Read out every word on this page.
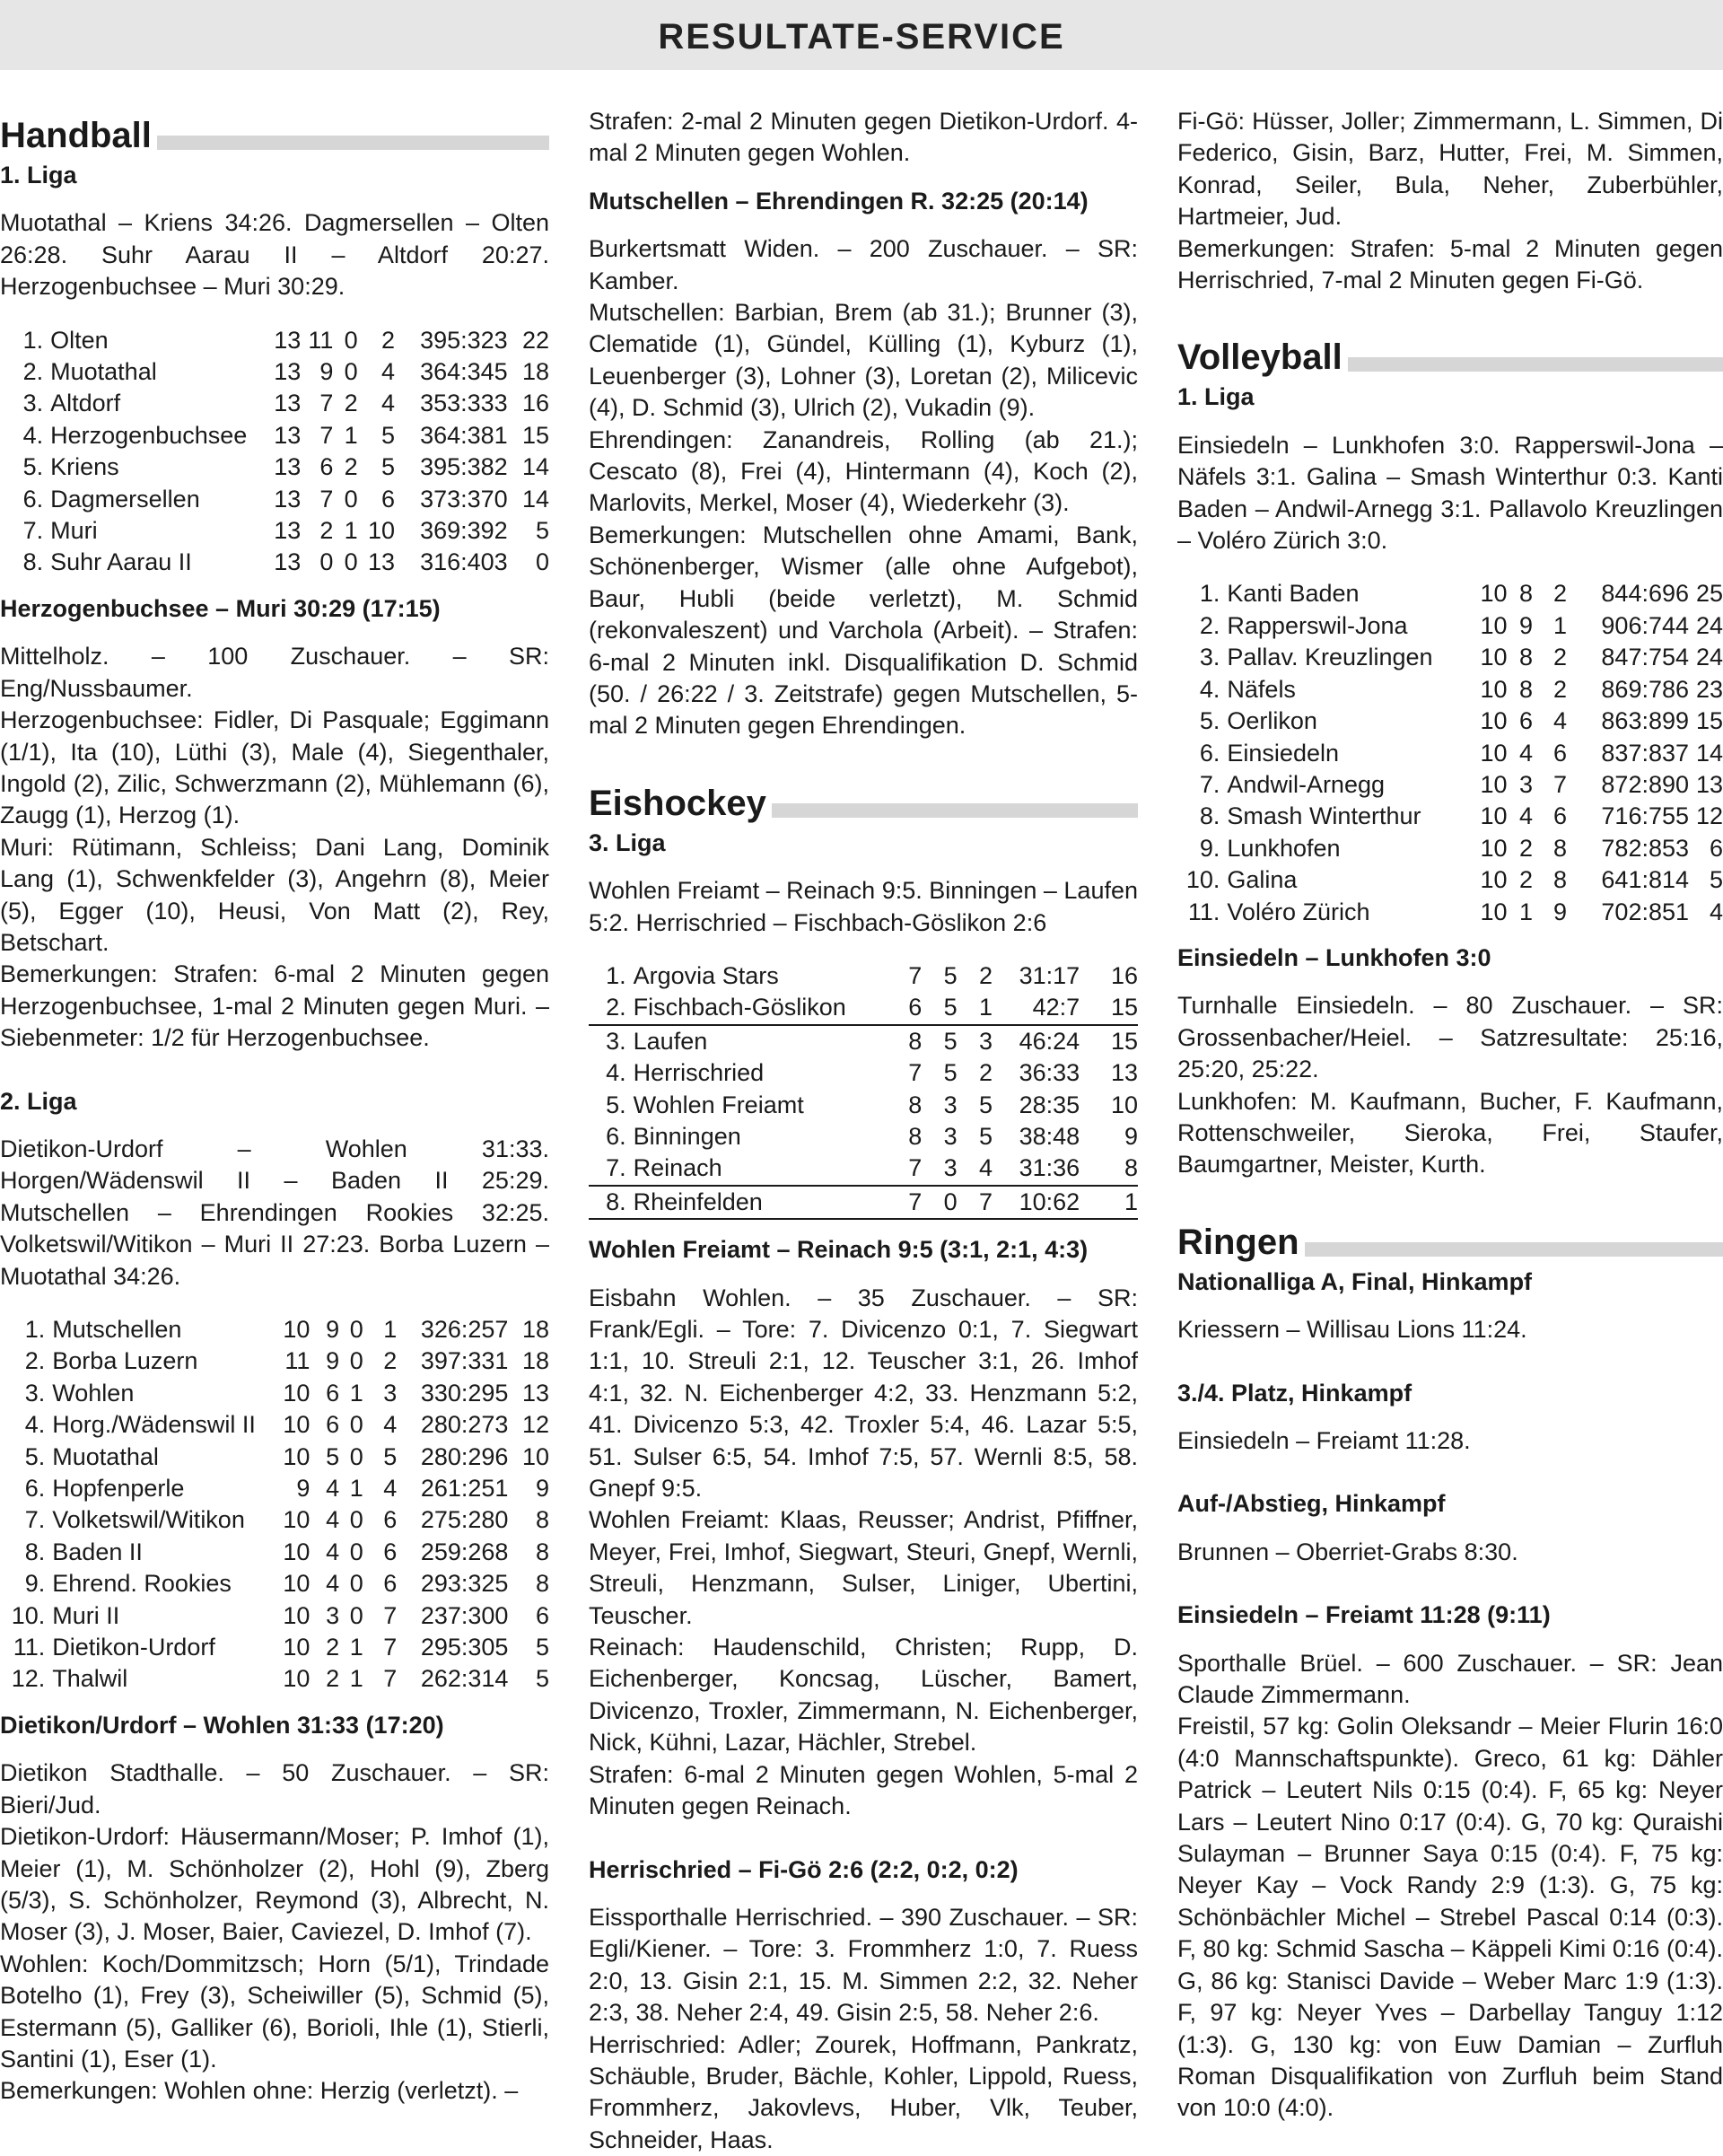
RESULTATE-SERVICE
Handball

1. Liga

Muotathal – Kriens 34:26. Dagmersellen – Olten 26:28. Suhr Aarau II – Altdorf 20:27. Herzogenbuchsee – Muri 30:29.

1.	Olten	13	11	0	2	395:323	22
2.	Muotathal	13	9	0	4	364:345	18
3.	Altdorf	13	7	2	4	353:333	16
4.	Herzogenbuchsee	13	7	1	5	364:381	15
5.	Kriens	13	6	2	5	395:382	14
6.	Dagmersellen	13	7	0	6	373:370	14
7.	Muri	13	2	1	10	369:392	5
8.	Suhr Aarau II	13	0	0	13	316:403	0

Herzogenbuchsee – Muri 30:29 (17:15)

Mittelholz. – 100 Zuschauer. – SR: Eng/Nussbaumer.

Herzogenbuchsee: Fidler, Di Pasquale; Eggimann (1/1), Ita (10), Lüthi (3), Male (4), Siegenthaler, Ingold (2), Zilic, Schwerzmann (2), Mühlemann (6), Zaugg (1), Herzog (1).

Muri: Rütimann, Schleiss; Dani Lang, Dominik Lang (1), Schwenkfelder (3), Angehrn (8), Meier (5), Egger (10), Heusi, Von Matt (2), Rey, Betschart.

Bemerkungen: Strafen: 6-mal 2 Minuten gegen Herzogenbuchsee, 1-mal 2 Minuten gegen Muri. – Siebenmeter: 1/2 für Herzogenbuchsee.

2. Liga

Dietikon-Urdorf – Wohlen 31:33. Horgen/Wädenswil II – Baden II 25:29. Mutschellen – Ehrendingen Rookies 32:25. Volketswil/Witikon – Muri II 27:23. Borba Luzern – Muotathal 34:26.

1.	Mutschellen	10	9	0	1	326:257	18
2.	Borba Luzern	11	9	0	2	397:331	18
3.	Wohlen	10	6	1	3	330:295	13
4.	Horg./Wädenswil II	10	6	0	4	280:273	12
5.	Muotathal	10	5	0	5	280:296	10
6.	Hopfenperle	9	4	1	4	261:251	9
7.	Volketswil/Witikon	10	4	0	6	275:280	8
8.	Baden II	10	4	0	6	259:268	8
9.	Ehrend. Rookies	10	4	0	6	293:325	8
10.	Muri II	10	3	0	7	237:300	6
11.	Dietikon-Urdorf	10	2	1	7	295:305	5
12.	Thalwil	10	2	1	7	262:314	5

Dietikon/Urdorf – Wohlen 31:33 (17:20)

Dietikon Stadthalle. – 50 Zuschauer. – SR: Bieri/Jud.

Dietikon-Urdorf: Häusermann/Moser; P. Imhof (1), Meier (1), M. Schönholzer (2), Hohl (9), Zberg (5/3), S. Schönholzer, Reymond (3), Albrecht, N. Moser (3), J. Moser, Baier, Caviezel, D. Imhof (7).

Wohlen: Koch/Dommitzsch; Horn (5/1), Trindade Botelho (1), Frey (3), Scheiwiller (5), Schmid (5), Estermann (5), Galliker (6), Borioli, Ihle (1), Stierli, Santini (1), Eser (1).

Bemerkungen: Wohlen ohne: Herzig (verletzt). –

Strafen: 2-mal 2 Minuten gegen Dietikon-Urdorf. 4-mal 2 Minuten gegen Wohlen.

Mutschellen – Ehrendingen R. 32:25 (20:14)

Burkertsmatt Widen. – 200 Zuschauer. – SR: Kamber.

Mutschellen: Barbian, Brem (ab 31.); Brunner (3), Clematide (1), Gündel, Külling (1), Kyburz (1), Leuenberger (3), Lohner (3), Loretan (2), Milicevic (4), D. Schmid (3), Ulrich (2), Vukadin (9).

Ehrendingen: Zanandreis, Rolling (ab 21.); Cescato (8), Frei (4), Hintermann (4), Koch (2), Marlovits, Merkel, Moser (4), Wiederkehr (3).

Bemerkungen: Mutschellen ohne Amami, Bank, Schönenberger, Wismer (alle ohne Aufgebot), Baur, Hubli (beide verletzt), M. Schmid (rekonvaleszent) und Varchola (Arbeit). – Strafen: 6-mal 2 Minuten inkl. Disqualifikation D. Schmid (50. / 26:22 / 3. Zeitstrafe) gegen Mutschellen, 5-mal 2 Minuten gegen Ehrendingen.

Eishockey

3. Liga

Wohlen Freiamt – Reinach 9:5. Binningen – Laufen 5:2. Herrischried – Fischbach-Göslikon 2:6

1.	Argovia Stars	7	5	2	31:17	16
2.	Fischbach-Göslikon	6	5	1	42:7	15
3.	Laufen	8	5	3	46:24	15
4.	Herrischried	7	5	2	36:33	13
5.	Wohlen Freiamt	8	3	5	28:35	10
6.	Binningen	8	3	5	38:48	9
7.	Reinach	7	3	4	31:36	8
8.	Rheinfelden	7	0	7	10:62	1

Wohlen Freiamt – Reinach 9:5 (3:1, 2:1, 4:3)

Eisbahn Wohlen. – 35 Zuschauer. – SR: Frank/Egli. – Tore: 7. Divicenzo 0:1, 7. Siegwart 1:1, 10. Streuli 2:1, 12. Teuscher 3:1, 26. Imhof 4:1, 32. N. Eichenberger 4:2, 33. Henzmann 5:2, 41. Divicenzo 5:3, 42. Troxler 5:4, 46. Lazar 5:5, 51. Sulser 6:5, 54. Imhof 7:5, 57. Wernli 8:5, 58. Gnepf 9:5.

Wohlen Freiamt: Klaas, Reusser; Andrist, Pfiffner, Meyer, Frei, Imhof, Siegwart, Steuri, Gnepf, Wernli, Streuli, Henzmann, Sulser, Liniger, Ubertini, Teuscher.

Reinach: Haudenschild, Christen; Rupp, D. Eichenberger, Koncsag, Lüscher, Bamert, Divicenzo, Troxler, Zimmermann, N. Eichenberger, Nick, Kühni, Lazar, Hächler, Strebel.

Strafen: 6-mal 2 Minuten gegen Wohlen, 5-mal 2 Minuten gegen Reinach.

Herrischried – Fi-Gö 2:6 (2:2, 0:2, 0:2)

Eissporthalle Herrischried. – 390 Zuschauer. – SR: Egli/Kiener. – Tore: 3. Frommherz 1:0, 7. Ruess 2:0, 13. Gisin 2:1, 15. M. Simmen 2:2, 32. Neher 2:3, 38. Neher 2:4, 49. Gisin 2:5, 58. Neher 2:6.

Herrischried: Adler; Zourek, Hoffmann, Pankratz, Schäuble, Bruder, Bächle, Kohler, Lippold, Ruess, Frommherz, Jakovlevs, Huber, Vlk, Teuber, Schneider, Haas.

Fi-Gö: Hüsser, Joller; Zimmermann, L. Simmen, Di Federico, Gisin, Barz, Hutter, Frei, M. Simmen, Konrad, Seiler, Bula, Neher, Zuberbühler, Hartmeier, Jud.

Bemerkungen: Strafen: 5-mal 2 Minuten gegen Herrischried, 7-mal 2 Minuten gegen Fi-Gö.

Volleyball

1. Liga

Einsiedeln – Lunkhofen 3:0. Rapperswil-Jona – Näfels 3:1. Galina – Smash Winterthur 0:3. Kanti Baden – Andwil-Arnegg 3:1. Pallavolo Kreuzlingen – Voléro Zürich 3:0.

1.	Kanti Baden	10	8	2	844:696	25
2.	Rapperswil-Jona	10	9	1	906:744	24
3.	Pallav. Kreuzlingen	10	8	2	847:754	24
4.	Näfels	10	8	2	869:786	23
5.	Oerlikon	10	6	4	863:899	15
6.	Einsiedeln	10	4	6	837:837	14
7.	Andwil-Arnegg	10	3	7	872:890	13
8.	Smash Winterthur	10	4	6	716:755	12
9.	Lunkhofen	10	2	8	782:853	6
10.	Galina	10	2	8	641:814	5
11.	Voléro Zürich	10	1	9	702:851	4

Einsiedeln – Lunkhofen 3:0

Turnhalle Einsiedeln. – 80 Zuschauer. – SR: Grossenbacher/Heiel. – Satzresultate: 25:16, 25:20, 25:22.

Lunkhofen: M. Kaufmann, Bucher, F. Kaufmann, Rottenschweiler, Sieroka, Frei, Staufer, Baumgartner, Meister, Kurth.

Ringen

Nationalliga A, Final, Hinkampf

Kriessern – Willisau Lions 11:24.

3./4. Platz, Hinkampf

Einsiedeln – Freiamt 11:28.

Auf-/Abstieg, Hinkampf

Brunnen – Oberriet-Grabs 8:30.

Einsiedeln – Freiamt 11:28 (9:11)

Sporthalle Brüel. – 600 Zuschauer. – SR: Jean Claude Zimmermann.

Freistil, 57 kg: Golin Oleksandr – Meier Flurin 16:0 (4:0 Mannschaftspunkte). Greco, 61 kg: Dähler Patrick – Leutert Nils 0:15 (0:4). F, 65 kg: Neyer Lars – Leutert Nino 0:17 (0:4). G, 70 kg: Quraishi Sulayman – Brunner Saya 0:15 (0:4). F, 75 kg: Neyer Kay – Vock Randy 2:9 (1:3). G, 75 kg: Schönbächler Michel – Strebel Pascal 0:14 (0:3). F, 80 kg: Schmid Sascha – Käppeli Kimi 0:16 (0:4). G, 86 kg: Stanisci Davide – Weber Marc 1:9 (1:3). F, 97 kg: Neyer Yves – Darbellay Tanguy 1:12 (1:3). G, 130 kg: von Euw Damian – Zurfluh Roman Disqualifikation von Zurfluh beim Stand von 10:0 (4:0).
